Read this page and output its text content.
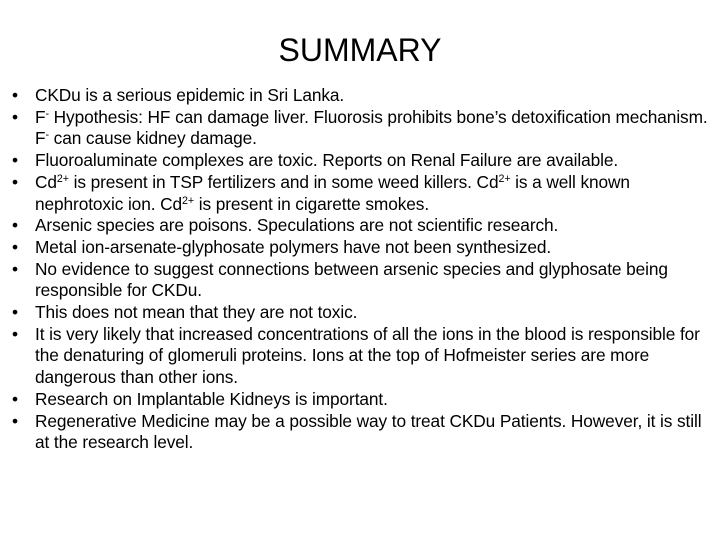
SUMMARY
• CKDu is a serious epidemic in Sri Lanka.
• F- Hypothesis: HF can damage liver. Fluorosis prohibits bone’s detoxification mechanism. F- can cause kidney damage.
• Fluoroaluminate complexes are toxic. Reports on Renal Failure are available.
• $Cd^{2+}$ is present in TSP fertilizers and in some weed killers. $Cd^{2+}$ is a well known nephrotoxic ion. $Cd^{2+}$ is present in cigarette smokes.
• Arsenic species are poisons. Speculations are not scientific research.
• Metal ion-arsenate-glyphosate polymers have not been synthesized.
• No evidence to suggest connections between arsenic species and glyphosate being responsible for CKDu.
• This does not mean that they are not toxic.
• It is very likely that increased concentrations of all the ions in the blood is responsible for the denaturing of glomeruli proteins. Ions at the top of Hofmeister series are more dangerous than other ions.
• Research on Implantable Kidneys is important.
• Regenerative Medicine may be a possible way to treat CKDu Patients. However, it is still at the research level.
